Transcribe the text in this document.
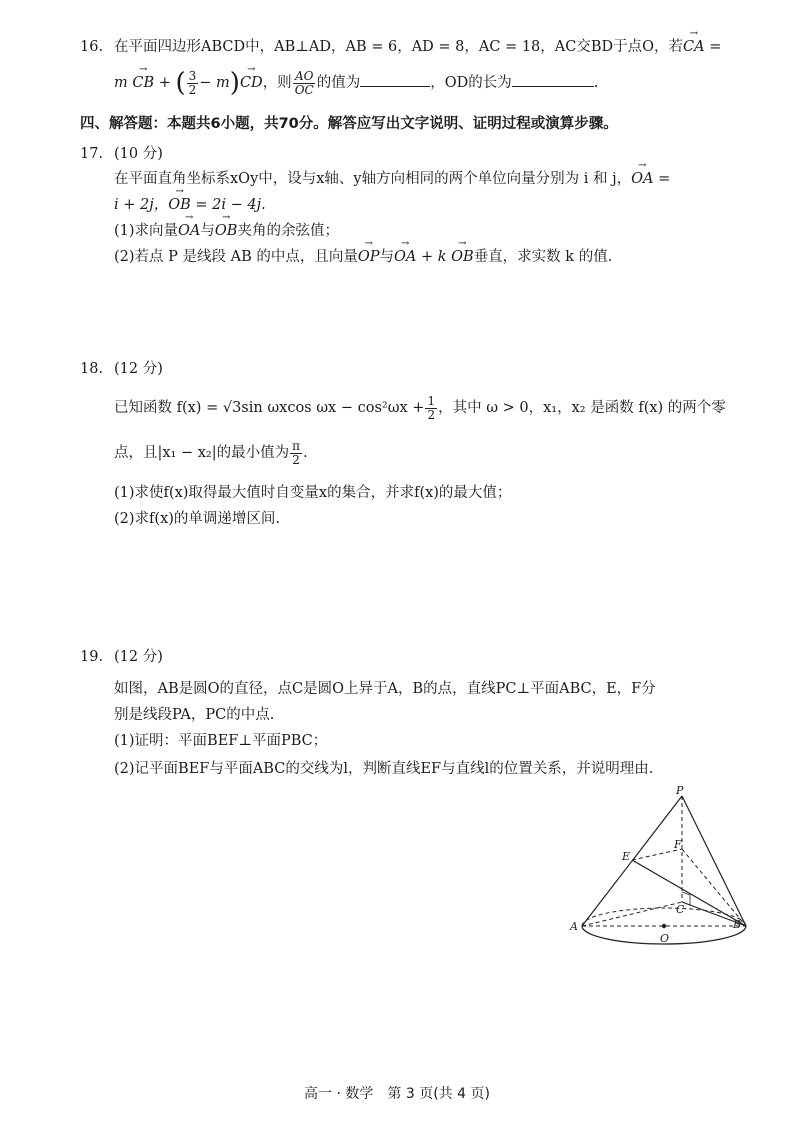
16. 在平面四边形ABCD中，AB⊥AD，AB = 6，AD = 8，AC = 18，AC交BD于点O，若→ CA =
m → CB + ( $\frac{3}{2} - m)\to$ CD，则 $\frac{AO}{OC}$ 的值为	，OD的长为	.
四、解答题：本题共6小题，共70分。解答应写出文字说明、证明过程或演算步骤。
17. (10 分)
在平面直角坐标系xOy中，设与x轴、y轴方向相同的两个单位向量分别为 i 和 j，→ OA =
i + 2j，→ OB = 2i − 4j.
(1)求向量→ OA与→ OB夹角的余弦值；
(2)若点 P 是线段 AB 的中点，且向量→ OP与→ OA + k → OB垂直，求实数 k 的值.
18. (12 分)
已知函数 f(x) = √3sin ωxcos $\omega x - \cos^2\omega x + \frac{1}{2}$ ，其中 ω > 0，x₁，x₂ 是函数 f(x) 的两个零
点，且|x₁ − x₂|的最小值为 $\frac{\pi}{2}$ .
(1)求使f(x)取得最大值时自变量x的集合，并求f(x)的最大值；
(2)求f(x)的单调递增区间.
19. (12 分)
如图，AB是圆O的直径，点C是圆O上异于A，B的点，直线PC⊥平面ABC，E，F分
别是线段PA，PC的中点.
(1)证明：平面BEF⊥平面PBC；
(2)记平面BEF与平面ABC的交线为l，判断直线EF与直线l的位置关系，并说明理由.
P
E
F
C
A
O
B
高一 · 数学　第 3 页(共 4 页)
